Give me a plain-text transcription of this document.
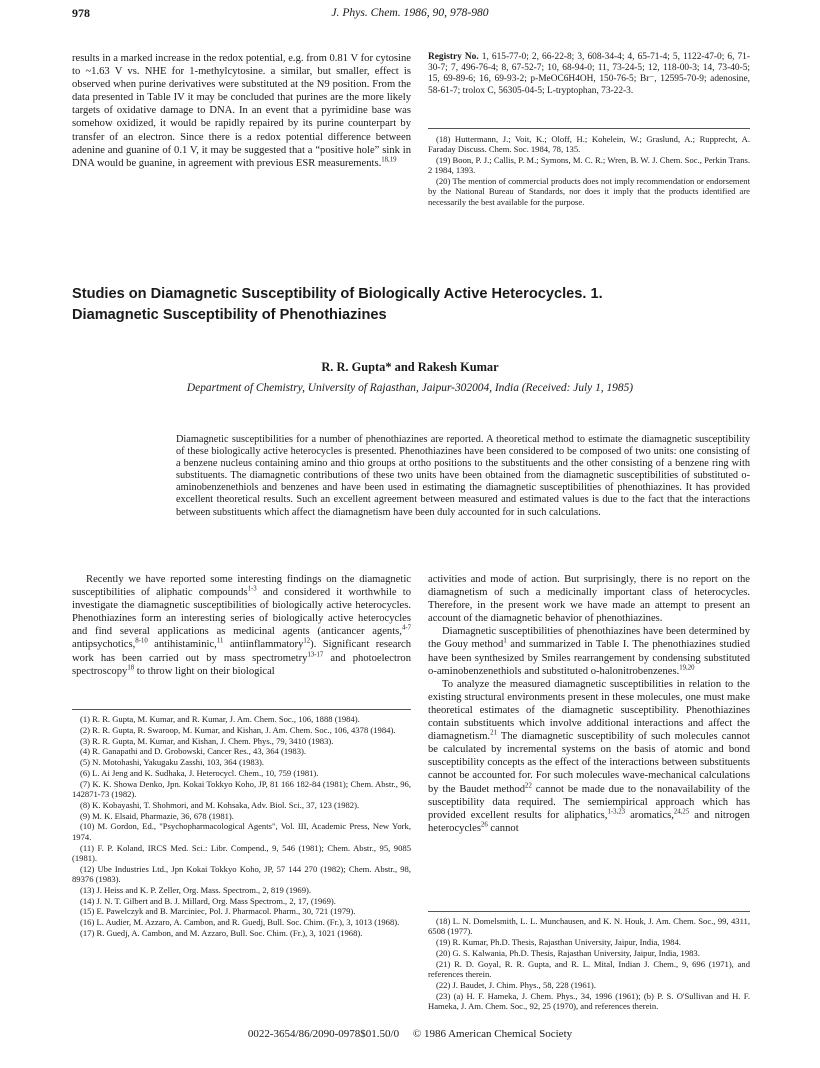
978	J. Phys. Chem. 1986, 90, 978-980

results in a marked increase in the redox potential, e.g. from 0.81 V for cytosine to ~1.63 V vs. NHE for 1-methylcytosine. a similar, but smaller, effect is observed when purine derivatives were substituted at the N9 position. From the data presented in Table IV it may be concluded that purines are the more likely targets of oxidative damage to DNA. In an event that a pyrimidine base was somehow oxidized, it would be rapidly repaired by its purine counterpart by transfer of an electron. Since there is a redox potential difference between adenine and guanine of 0.1 V, it may be suggested that a “positive hole” sink in DNA would be guanine, in agreement with previous ESR measurements.$^{18,19}$

Registry No. 1, 615-77-0; 2, 66-22-8; 3, 608-34-4; 4, 65-71-4; 5, 1122-47-0; 6, 71-30-7; 7, 496-76-4; 8, 67-52-7; 10, 68-94-0; 11, 73-24-5; 12, 118-00-3; 14, 73-40-5; 15, 69-89-6; 16, 69-93-2; p-MeOC6H4OH, 150-76-5; Br⁻, 12595-70-9; adenosine, 58-61-7; trolox C, 56305-04-5; L-tryptophan, 73-22-3.

(18) Huttermann, J.; Voit, K.; Oloff, H.; Kohelein, W.; Graslund, A.; Rupprecht, A. Faraday Discuss. Chem. Soc. 1984, 78, 135.

(19) Boon, P. J.; Callis, P. M.; Symons, M. C. R.; Wren, B. W. J. Chem. Soc., Perkin Trans. 2 1984, 1393.

(20) The mention of commercial products does not imply recommendation or endorsement by the National Bureau of Standards, nor does it imply that the products identified are necessarily the best available for the purpose.

Studies on Diamagnetic Susceptibility of Biologically Active Heterocycles. 1.
Diamagnetic Susceptibility of Phenothiazines
R. R. Gupta* and Rakesh Kumar
Department of Chemistry, University of Rajasthan, Jaipur-302004, India (Received: July 1, 1985)
Diamagnetic susceptibilities for a number of phenothiazines are reported. A theoretical method to estimate the diamagnetic susceptibility of these biologically active heterocycles is presented. Phenothiazines have been considered to be composed of two units: one consisting of a benzene nucleus containing amino and thio groups at ortho positions to the substituents and the other consisting of a benzene ring with substituents. The diamagnetic contributions of these two units have been obtained from the diamagnetic susceptibilities of substituted o-aminobenzenethiols and benzenes and have been used in estimating the diamagnetic susceptibilities of phenothiazines. It has provided excellent theoretical results. Such an excellent agreement between measured and estimated values is due to the fact that the interactions between substituents which affect the diamagnetism have been duly accounted for in such calculations.

Recently we have reported some interesting findings on the diamagnetic susceptibilities of aliphatic compounds$^{1-3}$ and considered it worthwhile to investigate the diamagnetic susceptibilities of biologically active heterocycles. Phenothiazines form an interesting series of biologically active heterocycles and find several applications as medicinal agents (anticancer agents,$^{4-7}$ antipsychotics,$^{8-10}$ antihistaminic,$^{11}$ antiinflammatory$^{12}$). Significant research work has been carried out by mass spectrometry$^{13-17}$ and photoelectron spectroscopy$^{18}$ to throw light on their biological

(1) R. R. Gupta, M. Kumar, and R. Kumar, J. Am. Chem. Soc., 106, 1888 (1984).

(2) R. R. Gupta, R. Swaroop, M. Kumar, and Kishan, J. Am. Chem. Soc., 106, 4378 (1984).

(3) R. R. Gupta, M. Kumar, and Kishan, J. Chem. Phys., 79, 3410 (1983).

(4) R. Ganapathi and D. Grobowski, Cancer Res., 43, 364 (1983).

(5) N. Motohashi, Yakugaku Zasshi, 103, 364 (1983).

(6) L. Ai Jeng and K. Sudhaka, J. Heterocycl. Chem., 10, 759 (1981).

(7) K. K. Showa Denko, Jpn. Kokai Tokkyo Koho, JP, 81 166 182-84 (1981); Chem. Abstr., 96, 142871-73 (1982).

(8) K. Kobayashi, T. Shohmori, and M. Kohsaka, Adv. Biol. Sci., 37, 123 (1982).

(9) M. K. Elsaid, Pharmazie, 36, 678 (1981).

(10) M. Gordon, Ed., "Psychopharmacological Agents", Vol. III, Academic Press, New York, 1974.

(11) F. P. Koland, IRCS Med. Sci.: Libr. Compend., 9, 546 (1981); Chem. Abstr., 95, 9085 (1981).

(12) Ube Industries Ltd., Jpn Kokai Tokkyo Koho, JP, 57 144 270 (1982); Chem. Abstr., 98, 89376 (1983).

(13) J. Heiss and K. P. Zeller, Org. Mass. Spectrom., 2, 819 (1969).

(14) J. N. T. Gilbert and B. J. Millard, Org. Mass Spectrom., 2, 17, (1969).

(15) E. Pawelczyk and B. Marciniec, Pol. J. Pharmacol. Pharm., 30, 721 (1979).

(16) L. Audier, M. Azzaro, A. Cambon, and R. Guedj, Bull. Soc. Chim. (Fr.), 3, 1013 (1968).

(17) R. Guedj, A. Cambon, and M. Azzaro, Bull. Soc. Chim. (Fr.), 3, 1021 (1968).

activities and mode of action. But surprisingly, there is no report on the diamagnetism of such a medicinally important class of heterocycles. Therefore, in the present work we have made an attempt to present an account of the diamagnetic behavior of phenothiazines.

Diamagnetic susceptibilities of phenothiazines have been determined by the Gouy method$^1$ and summarized in Table I. The phenothiazines studied have been synthesized by Smiles rearrangement by condensing substituted o-aminobenzenethiols and substituted o-halonitrobenzenes.$^{19,20}$

To analyze the measured diamagnetic susceptibilities in relation to the existing structural environments present in these molecules, one must make theoretical estimates of the diamagnetic susceptibility. Phenothiazines contain substituents which involve additional interactions and affect the diamagnetism.$^{21}$ The diamagnetic susceptibility of such molecules cannot be calculated by incremental systems on the basis of atomic and bond susceptibility concepts as the effect of the interactions between substituents cannot be accounted for. For such molecules wave-mechanical calculations by the Baudet method$^{22}$ cannot be made due to the nonavailability of the susceptibility data required. The semiempirical approach which has provided excellent results for aliphatics,$^{1-3,23}$ aromatics,$^{24,25}$ and nitrogen heterocycles$^{26}$ cannot

(18) L. N. Domelsmith, L. L. Munchausen, and K. N. Houk, J. Am. Chem. Soc., 99, 4311, 6508 (1977).

(19) R. Kumar, Ph.D. Thesis, Rajasthan University, Jaipur, India, 1984.

(20) G. S. Kalwania, Ph.D. Thesis, Rajasthan University, Jaipur, India, 1983.

(21) R. D. Goyal, R. R. Gupta, and R. L. Mital, Indian J. Chem., 9, 696 (1971), and references therein.

(22) J. Baudet, J. Chim. Phys., 58, 228 (1961).

(23) (a) H. F. Hameka, J. Chem. Phys., 34, 1996 (1961); (b) P. S. O'Sullivan and H. F. Hameka, J. Am. Chem. Soc., 92, 25 (1970), and references therein.

0022-3654/86/2090-0978$01.50/0 © 1986 American Chemical Society
